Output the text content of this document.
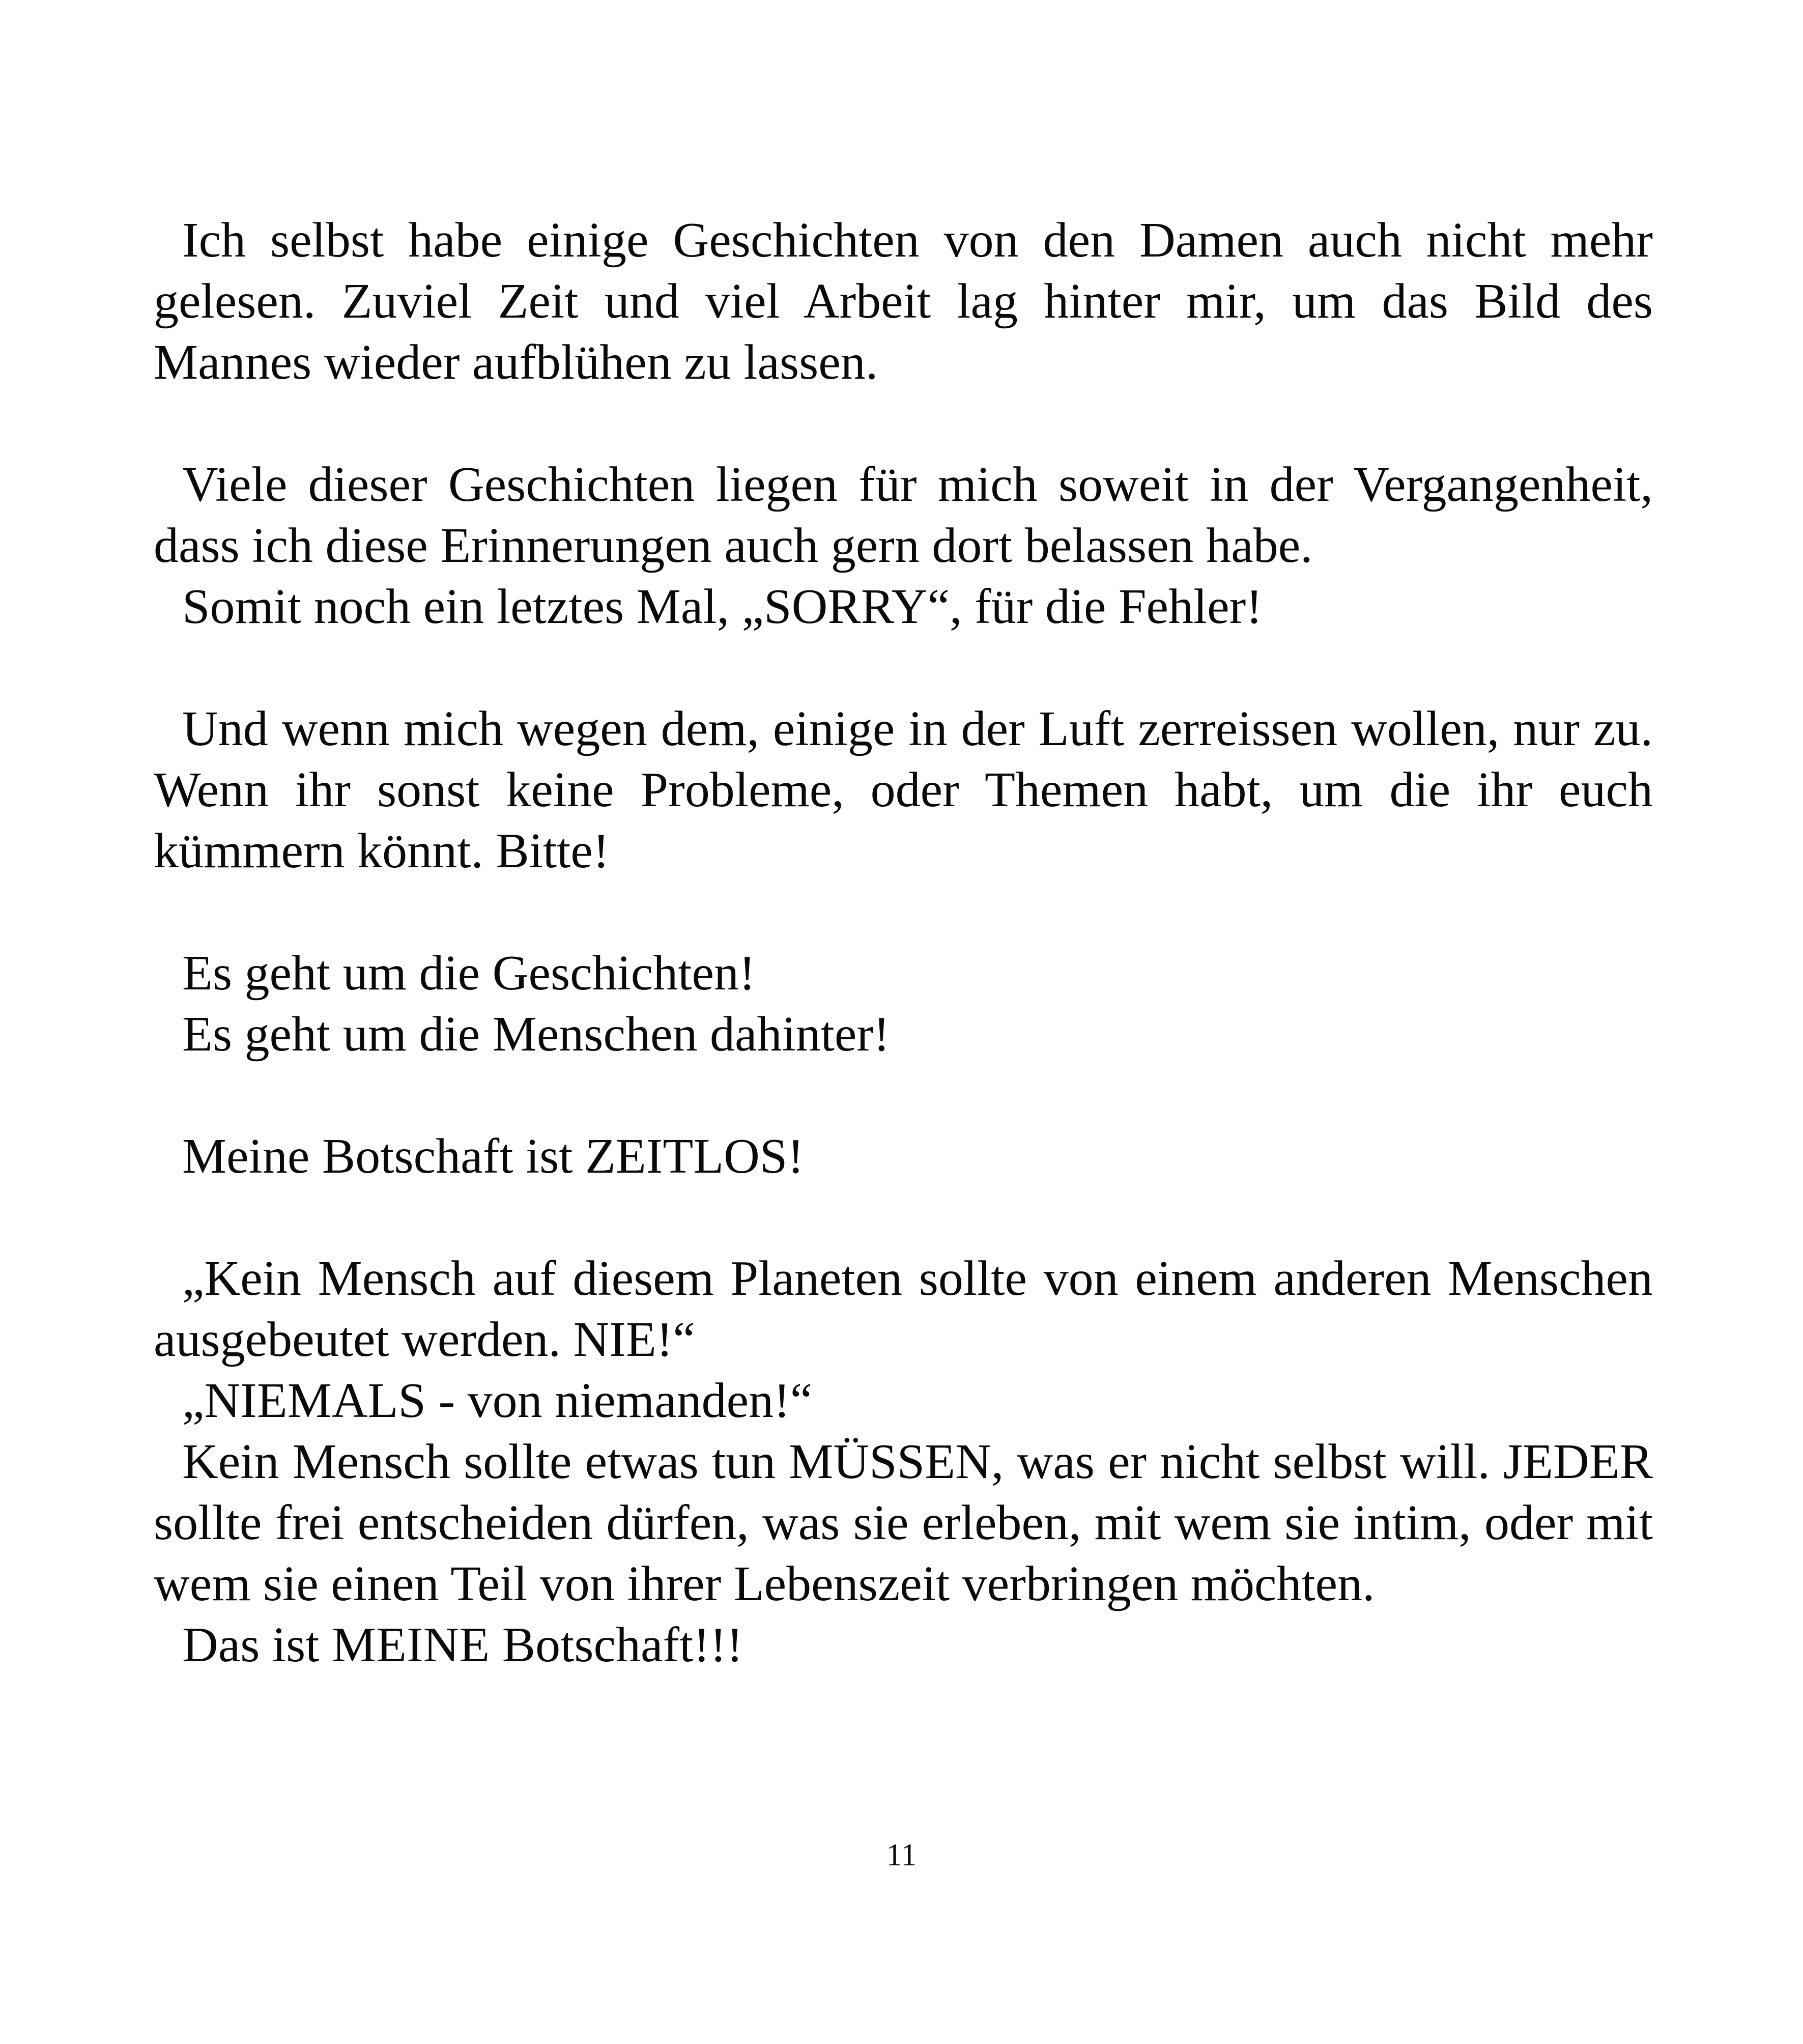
Ich selbst habe einige Geschichten von den Damen auch nicht mehr gelesen. Zuviel Zeit und viel Arbeit lag hinter mir, um das Bild des Mannes wieder aufblühen zu lassen.

Viele dieser Geschichten liegen für mich soweit in der Vergangenheit, dass ich diese Erinnerungen auch gern dort belassen habe.

Somit noch ein letztes Mal, „SORRY“, für die Fehler!

Und wenn mich wegen dem, einige in der Luft zerreissen wollen, nur zu. Wenn ihr sonst keine Probleme, oder Themen habt, um die ihr euch kümmern könnt. Bitte!

Es geht um die Geschichten!

Es geht um die Menschen dahinter!

Meine Botschaft ist ZEITLOS!

„Kein Mensch auf diesem Planeten sollte von einem anderen Menschen ausgebeutet werden. NIE!“

„NIEMALS - von niemanden!“

Kein Mensch sollte etwas tun MÜSSEN, was er nicht selbst will. JEDER sollte frei entscheiden dürfen, was sie erleben, mit wem sie intim, oder mit wem sie einen Teil von ihrer Lebenszeit verbringen möchten.

Das ist MEINE Botschaft!!!

11
